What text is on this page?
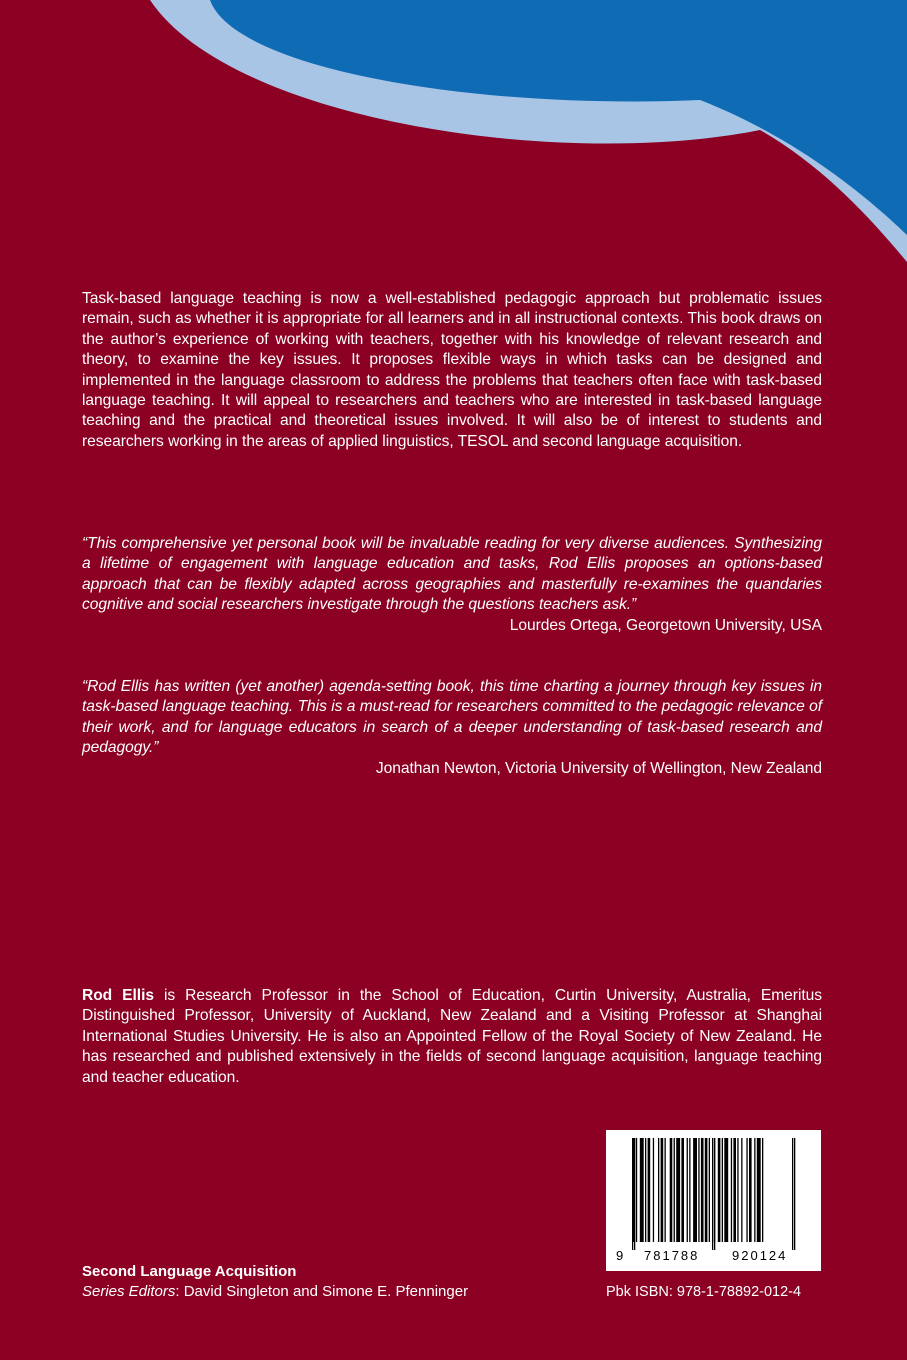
Task-based language teaching is now a well-established pedagogic approach but problematic issues remain, such as whether it is appropriate for all learners and in all instructional contexts. This book draws on the author’s experience of working with teachers, together with his knowledge of relevant research and theory, to examine the key issues. It proposes flexible ways in which tasks can be designed and implemented in the language classroom to address the problems that teachers often face with task-based language teaching. It will appeal to researchers and teachers who are interested in task-based language teaching and the practical and theoretical issues involved. It will also be of interest to students and researchers working in the areas of applied linguistics, TESOL and second language acquisition.
“This comprehensive yet personal book will be invaluable reading for very diverse audiences. Synthesizing a lifetime of engagement with language education and tasks, Rod Ellis proposes an options-based approach that can be flexibly adapted across geographies and masterfully re-examines the quandaries cognitive and social researchers investigate through the questions teachers ask.”
Lourdes Ortega, Georgetown University, USA
“Rod Ellis has written (yet another) agenda-setting book, this time charting a journey through key issues in task-based language teaching. This is a must-read for researchers committed to the pedagogic relevance of their work, and for language educators in search of a deeper understanding of task-based research and pedagogy.”
Jonathan Newton, Victoria University of Wellington, New Zealand
Rod Ellis is Research Professor in the School of Education, Curtin University, Australia, Emeritus Distinguished Professor, University of Auckland, New Zealand and a Visiting Professor at Shanghai International Studies University. He is also an Appointed Fellow of the Royal Society of New Zealand. He has researched and published extensively in the fields of second language acquisition, language teaching and teacher education.
Second Language Acquisition
Series Editors: David Singleton and Simone E. Pfenninger
9 781788	920124
Pbk ISBN: 978-1-78892-012-4
